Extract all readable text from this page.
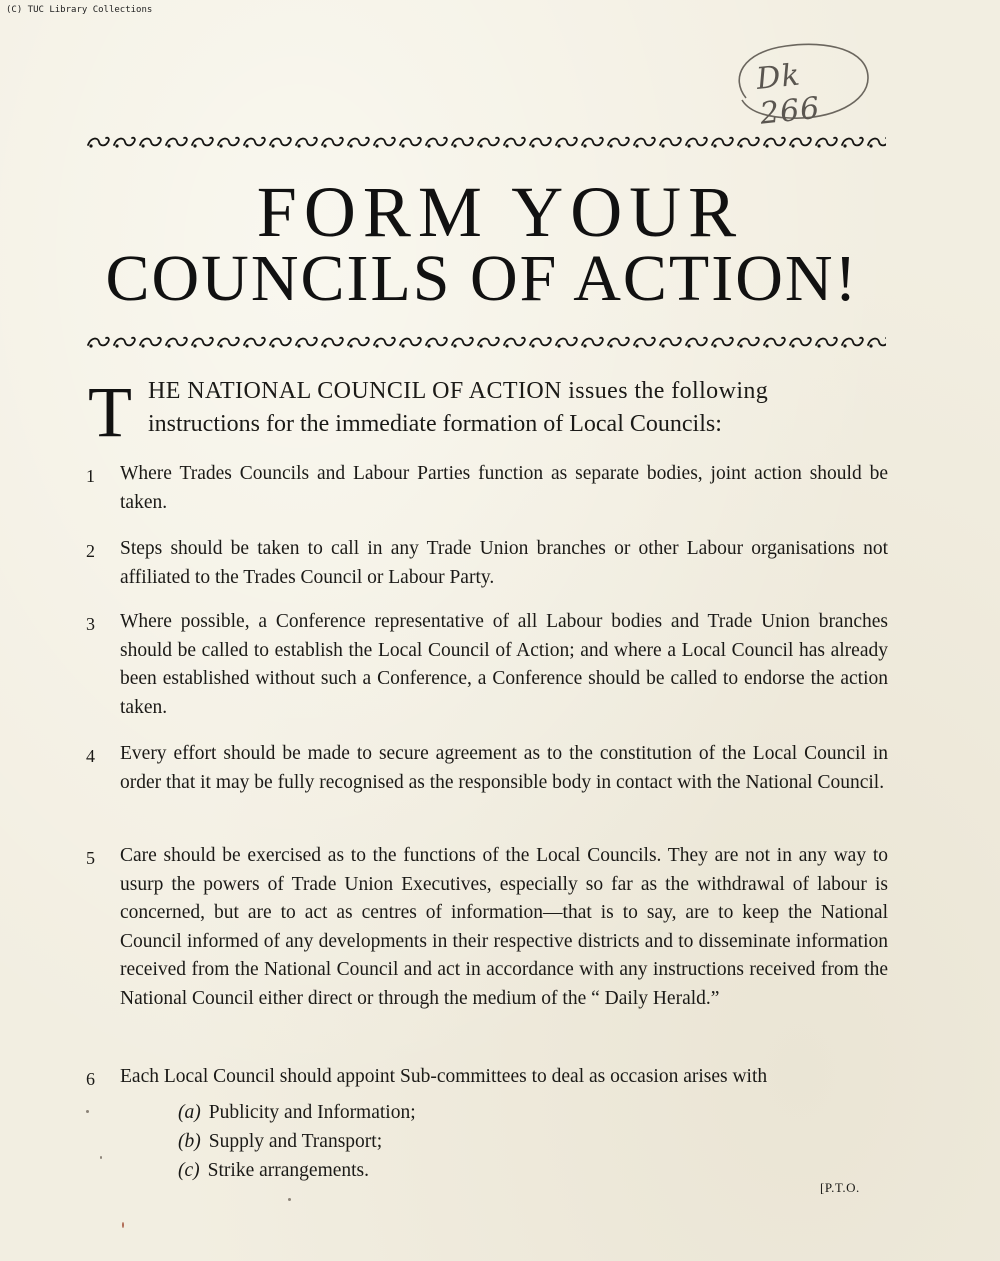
(C) TUC Library Collections
Dk 266
FORM YOUR
COUNCILS OF ACTION!
T HE NATIONAL COUNCIL OF ACTION issues the following
instructions for the immediate formation of Local Councils:
1	Where Trades Councils and Labour Parties function as separate bodies, joint action should be taken.

2	Steps should be taken to call in any Trade Union branches or other Labour organisations not affiliated to the Trades Council or Labour Party.

3	Where possible, a Conference representative of all Labour bodies and Trade Union branches should be called to establish the Local Council of Action; and where a Local Council has already been established without such a Conference, a Conference should be called to endorse the action taken.

4	Every effort should be made to secure agreement as to the constitution of the Local Council in order that it may be fully recognised as the responsible body in contact with the National Council.

5	Care should be exercised as to the functions of the Local Councils. They are not in any way to usurp the powers of Trade Union Executives, especially so far as the withdrawal of labour is concerned, but are to act as centres of information—that is to say, are to keep the National Council informed of any developments in their respective districts and to disseminate information received from the National Council and act in accordance with any instructions received from the National Council either direct or through the medium of the “ Daily Herald.”

6	Each Local Council should appoint Sub-committees to deal as occasion arises with

(a) Publicity and Information;
(b) Supply and Transport;
(c) Strike arrangements.
[P.T.O.
